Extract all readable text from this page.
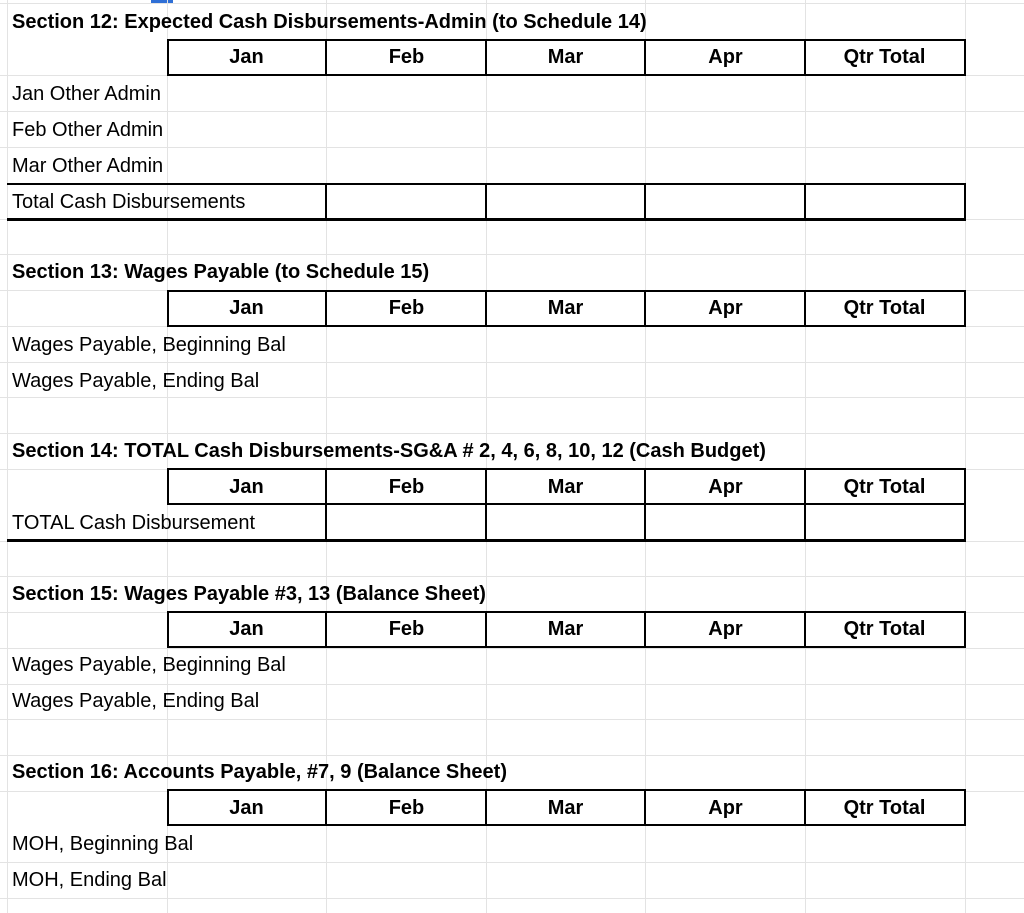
Section 12: Expected Cash Disbursements-Admin (to Schedule 14)
Jan	Feb	Mar	Apr	Qtr Total
Jan Other Admin
Feb Other Admin
Mar Other Admin
Total Cash Disbursements
Section 13: Wages Payable (to Schedule 15)
Jan	Feb	Mar	Apr	Qtr Total
Wages Payable, Beginning Bal
Wages Payable, Ending Bal
Section 14: TOTAL Cash Disbursements-SG&A # 2, 4, 6, 8, 10, 12 (Cash Budget)
Jan	Feb	Mar	Apr	Qtr Total
TOTAL Cash Disbursement
Section 15: Wages Payable #3, 13 (Balance Sheet)
Jan	Feb	Mar	Apr	Qtr Total
Wages Payable, Beginning Bal
Wages Payable, Ending Bal
Section 16: Accounts Payable, #7, 9 (Balance Sheet)
Jan	Feb	Mar	Apr	Qtr Total
MOH, Beginning Bal
MOH, Ending Bal
